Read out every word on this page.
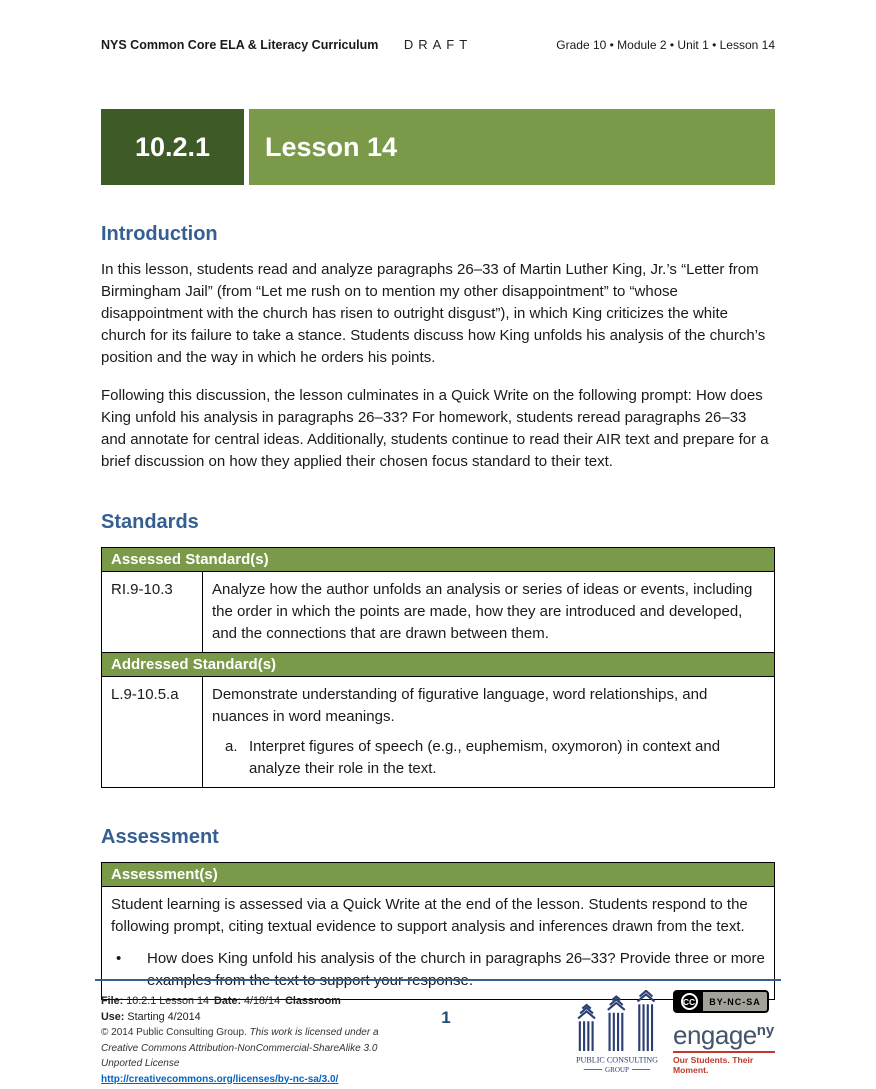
NYS Common Core ELA & Literacy Curriculum DRAFT	Grade 10 • Module 2 • Unit 1 • Lesson 14
10.2.1	Lesson 14
Introduction

In this lesson, students read and analyze paragraphs 26–33 of Martin Luther King, Jr.’s “Letter from Birmingham Jail” (from “Let me rush on to mention my other disappointment” to “whose disappointment with the church has risen to outright disgust”), in which King criticizes the white church for its failure to take a stance. Students discuss how King unfolds his analysis of the church’s position and the way in which he orders his points.

Following this discussion, the lesson culminates in a Quick Write on the following prompt: How does King unfold his analysis in paragraphs 26–33? For homework, students reread paragraphs 26–33 and annotate for central ideas. Additionally, students continue to read their AIR text and prepare for a brief discussion on how they applied their chosen focus standard to their text.

Standards
Assessed Standard(s)	
RI.9-10.3	Analyze how the author unfolds an analysis or series of ideas or events, including the order in which the points are made, how they are introduced and developed, and the connections that are drawn between them.
Addressed Standard(s)	
L.9-10.5.a	Demonstrate understanding of figurative language, word relationships, and nuances in word meanings.
a. Interpret figures of speech (e.g., euphemism, oxymoron) in context and analyze their role in the text.
Assessment
Assessment(s)

Student learning is assessed via a Quick Write at the end of the lesson. Students respond to the following prompt, citing textual evidence to support analysis and inferences drawn from the text.
•	How does King unfold his analysis of the church in paragraphs 26–33? Provide three or more examples from the text to support your response.
File: 10.2.1 Lesson 14 Date: 4/18/14 Classroom Use: Starting 4/2014
© 2014 Public Consulting Group. This work is licensed under a
Creative Commons Attribution-NonCommercial-ShareAlike 3.0 Unported License
http://creativecommons.org/licenses/by-nc-sa/3.0/
1
PUBLIC CONSULTING
GROUP
CC	BY-NC-SA
engage$^{ny}$
Our Students. Their Moment.
